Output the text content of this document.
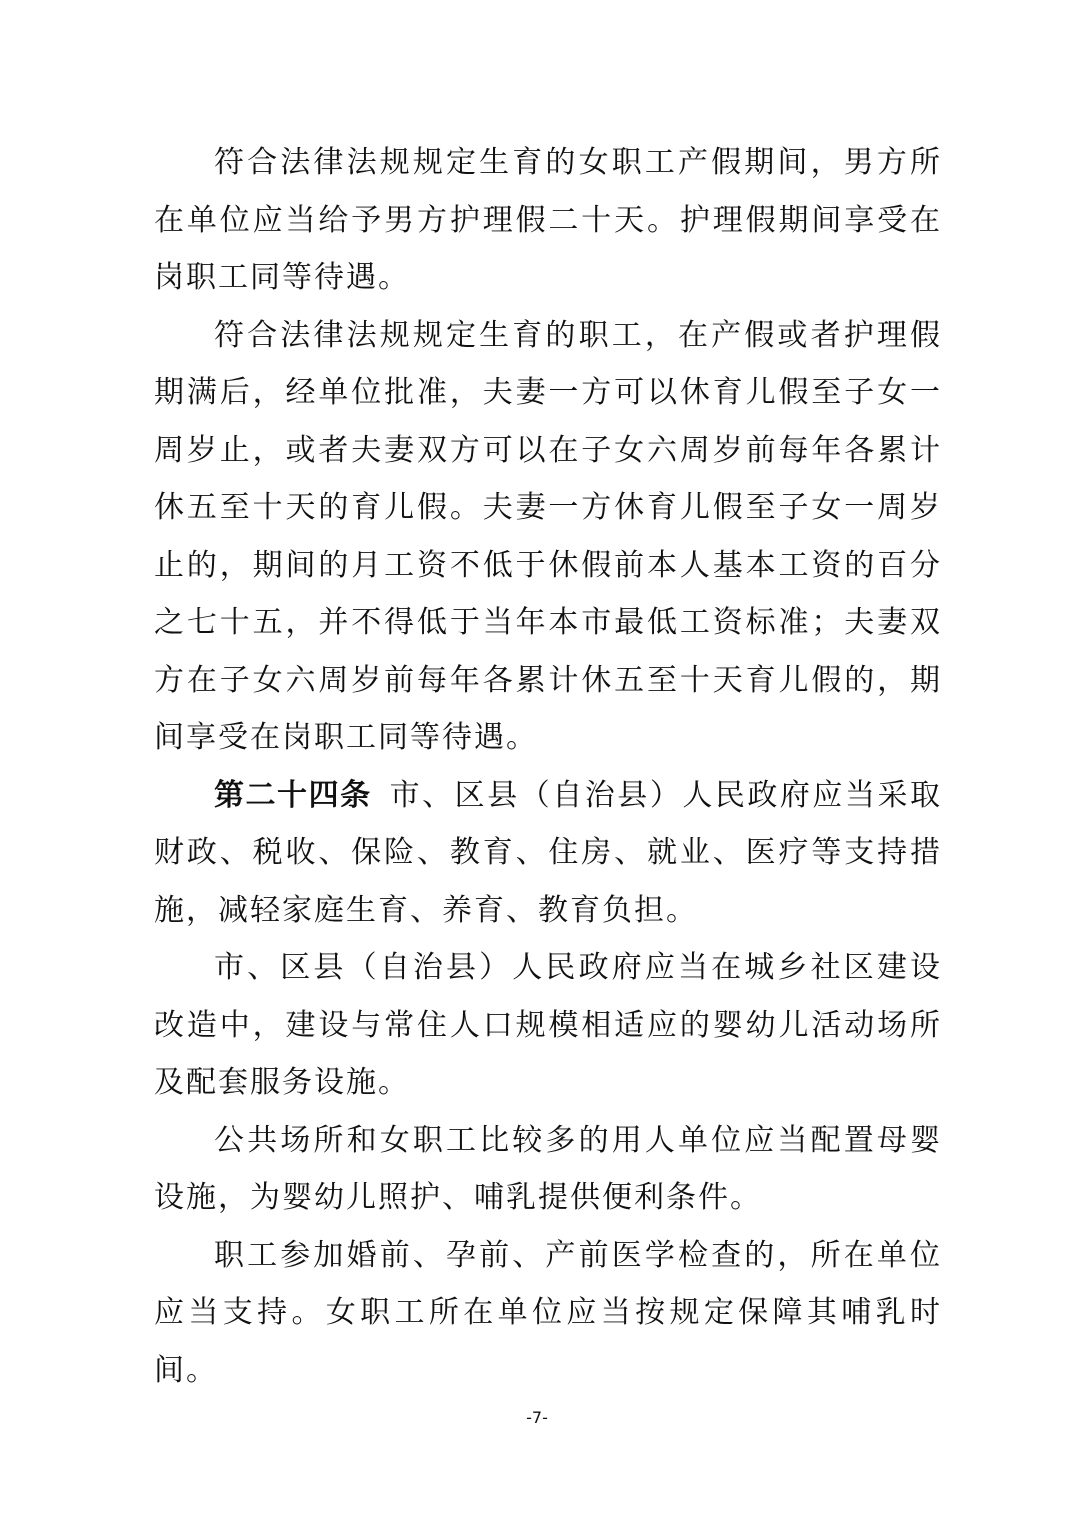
符合法律法规规定生育的女职工产假期间，男方所在单位应当给予男方护理假二十天。护理假期间享受在岗职工同等待遇。

符合法律法规规定生育的职工，在产假或者护理假期满后，经单位批准，夫妻一方可以休育儿假至子女一周岁止，或者夫妻双方可以在子女六周岁前每年各累计休五至十天的育儿假。夫妻一方休育儿假至子女一周岁止的，期间的月工资不低于休假前本人基本工资的百分之七十五，并不得低于当年本市最低工资标准；夫妻双方在子女六周岁前每年各累计休五至十天育儿假的，期间享受在岗职工同等待遇。

第二十四条 市、区县（自治县）人民政府应当采取财政、税收、保险、教育、住房、就业、医疗等支持措施，减轻家庭生育、养育、教育负担。

市、区县（自治县）人民政府应当在城乡社区建设改造中，建设与常住人口规模相适应的婴幼儿活动场所及配套服务设施。

公共场所和女职工比较多的用人单位应当配置母婴设施，为婴幼儿照护、哺乳提供便利条件。

职工参加婚前、孕前、产前医学检查的，所在单位应当支持。女职工所在单位应当按规定保障其哺乳时间。

-7-
